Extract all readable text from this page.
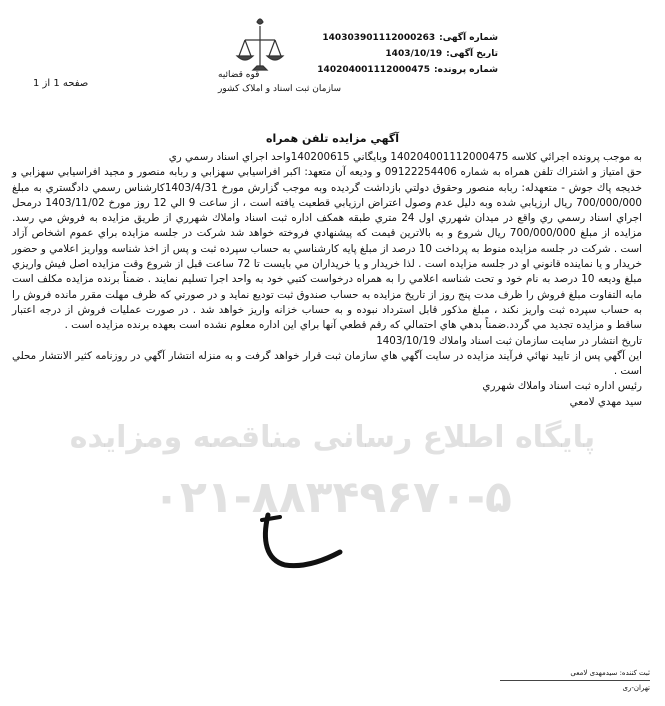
قوه قضائیه
سازمان ثبت اسناد و املاک کشور
شماره آگهی:
140303901112000263
تاریخ آگهی:
1403/10/19
شماره پرونده:
140204001112000475
صفحه 1 از 1
آگهي مزايده تلفن همراه

به موجب پرونده اجرائي كلاسه 140204001112000475 وبايگاني 140200615واحد اجراي اسناد رسمي ري

حق امتياز و اشتراك تلفن همراه به شماره 09122254406 و وديعه آن متعهد: اكبر افراسيابي سهزابي و ربابه منصور و مجيد افراسيابي سهزابي و خديجه پاك جوش - متعهدله: ربابه منصور وحقوق دولتي بازداشت گرديده وبه موجب گزارش مورخ 1403/4/31كارشناس رسمي دادگستري به مبلغ 700/000/000 ريال ارزيابي شده وبه دليل عدم وصول اعتراض ارزيابي قطعيت يافته است ، از ساعت 9 الي 12 روز مورخ 1403/11/02 درمحل اجراي اسناد رسمي ري واقع در ميدان شهرري اول 24 متري طبقه همكف اداره ثبت اسناد واملاك شهرري از طريق مزايده به فروش مي رسد. مزايده از مبلغ 700/000/000 ريال شروع و به بالاترين قيمت كه پيشنهادي فروخته خواهد شد شركت در جلسه مزايده براي عموم اشخاص آزاد است . شركت در جلسه مزايده منوط به پرداخت 10 درصد از مبلغ پايه كارشناسي به حساب سپرده ثبت و پس از اخذ شناسه وواريز اعلامي و حضور خريدار و يا نماينده قانوني او در جلسه مزايده است . لذا خريدار و يا خريداران مي بايست تا 72 ساعت قبل از شروع وقت مزايده اصل فيش واريزي مبلغ وديعه 10 درصد به نام خود و تحت شناسه اعلامي را به همراه درخواست كتبي خود به واحد اجرا تسليم نمايند . ضمناً برنده مزايده مكلف است مابه التفاوت مبلغ فروش را ظرف مدت پنج روز از تاريخ مزايده به حساب صندوق ثبت توديع نمايد و در صورتي كه ظرف مهلت مقرر مانده فروش را به حساب سپرده ثبت واريز نكند ، مبلغ مذكور قابل استرداد نبوده و به حساب خزانه واريز خواهد شد . در صورت عمليات فروش از درجه اعتبار ساقط و مزايده تجديد مي گردد.ضمناً بدهي هاي احتمالي كه رقم قطعي آنها براي اين اداره معلوم نشده است بعهده برنده مزايده است .

تاريخ انتشار در سايت سازمان ثبت اسناد واملاك 1403/10/19

اين آگهي پس از تاييد نهائي فرآيند مزايده در سايت آگهي هاي سازمان ثبت قرار خواهد گرفت و به منزله انتشار آگهي در روزنامه كثير الانتشار محلي است .

رئيس اداره ثبت اسناد واملاك شهرري

سيد مهدي لامعي

پایگاه اطلاع رسانی مناقصه ومزایده
۰۲۱-۸۸۳۴۹۶۷۰-۵
ثبت کننده: سیدمهدی لامعی
تهران-ری
